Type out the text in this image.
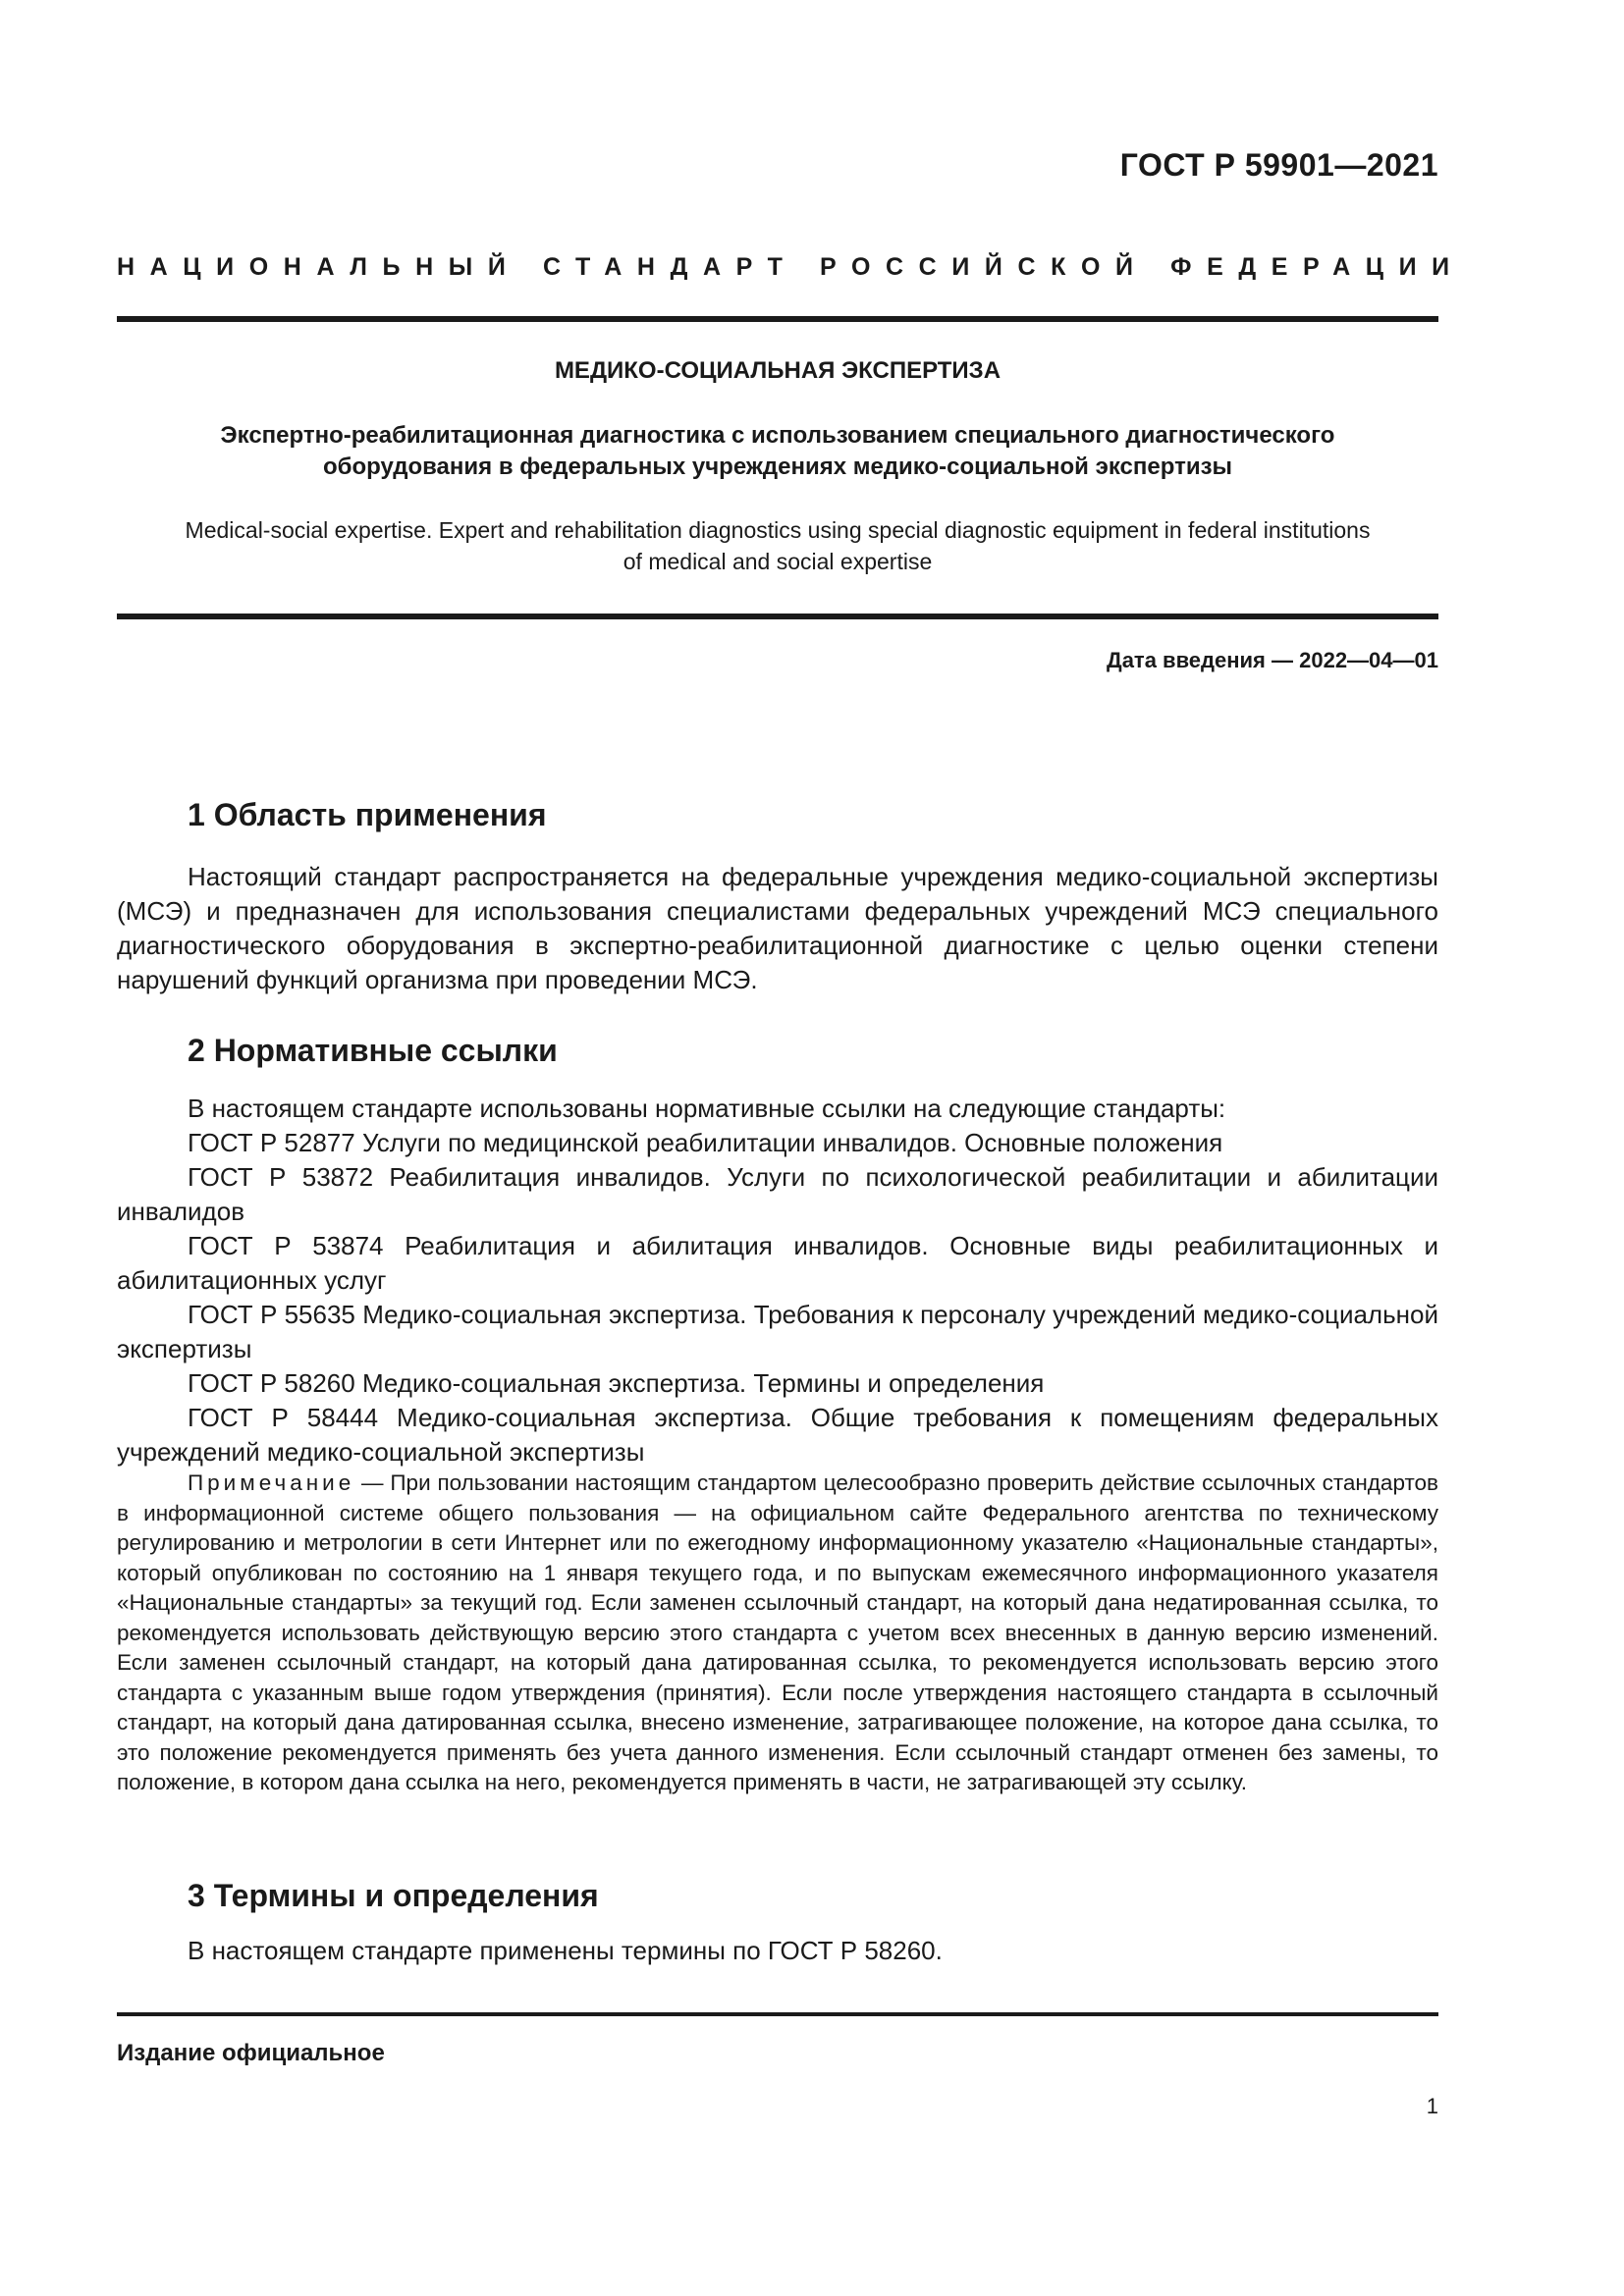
ГОСТ Р 59901—2021
НАЦИОНАЛЬНЫЙ СТАНДАРТ РОССИЙСКОЙ ФЕДЕРАЦИИ
МЕДИКО-СОЦИАЛЬНАЯ ЭКСПЕРТИЗА
Экспертно-реабилитационная диагностика с использованием специального диагностического
оборудования в федеральных учреждениях медико-социальной экспертизы
Medical-social expertise. Expert and rehabilitation diagnostics using special diagnostic equipment in federal institutions
of medical and social expertise
Дата введения — 2022—04—01
1 Область применения

Настоящий стандарт распространяется на федеральные учреждения медико-социальной экспертизы (МСЭ) и предназначен для использования специалистами федеральных учреждений МСЭ специального диагностического оборудования в экспертно-реабилитационной диагностике с целью оценки степени нарушений функций организма при проведении МСЭ.

2 Нормативные ссылки

В настоящем стандарте использованы нормативные ссылки на следующие стандарты:

ГОСТ Р 52877 Услуги по медицинской реабилитации инвалидов. Основные положения

ГОСТ Р 53872 Реабилитация инвалидов. Услуги по психологической реабилитации и абилитации инвалидов

ГОСТ Р 53874 Реабилитация и абилитация инвалидов. Основные виды реабилитационных и абилитационных услуг

ГОСТ Р 55635 Медико-социальная экспертиза. Требования к персоналу учреждений медико-социальной экспертизы

ГОСТ Р 58260 Медико-социальная экспертиза. Термины и определения

ГОСТ Р 58444 Медико-социальная экспертиза. Общие требования к помещениям федеральных учреждений медико-социальной экспертизы

Примечание — При пользовании настоящим стандартом целесообразно проверить действие ссылочных стандартов в информационной системе общего пользования — на официальном сайте Федерального агентства по техническому регулированию и метрологии в сети Интернет или по ежегодному информационному указателю «Национальные стандарты», который опубликован по состоянию на 1 января текущего года, и по выпускам ежемесячного информационного указателя «Национальные стандарты» за текущий год. Если заменен ссылочный стандарт, на который дана недатированная ссылка, то рекомендуется использовать действующую версию этого стандарта с учетом всех внесенных в данную версию изменений. Если заменен ссылочный стандарт, на который дана датированная ссылка, то рекомендуется использовать версию этого стандарта с указанным выше годом утверждения (принятия). Если после утверждения настоящего стандарта в ссылочный стандарт, на который дана датированная ссылка, внесено изменение, затрагивающее положение, на которое дана ссылка, то это положение рекомендуется применять без учета данного изменения. Если ссылочный стандарт отменен без замены, то положение, в котором дана ссылка на него, рекомендуется применять в части, не затрагивающей эту ссылку.

3 Термины и определения

В настоящем стандарте применены термины по ГОСТ Р 58260.

Издание официальное
1
